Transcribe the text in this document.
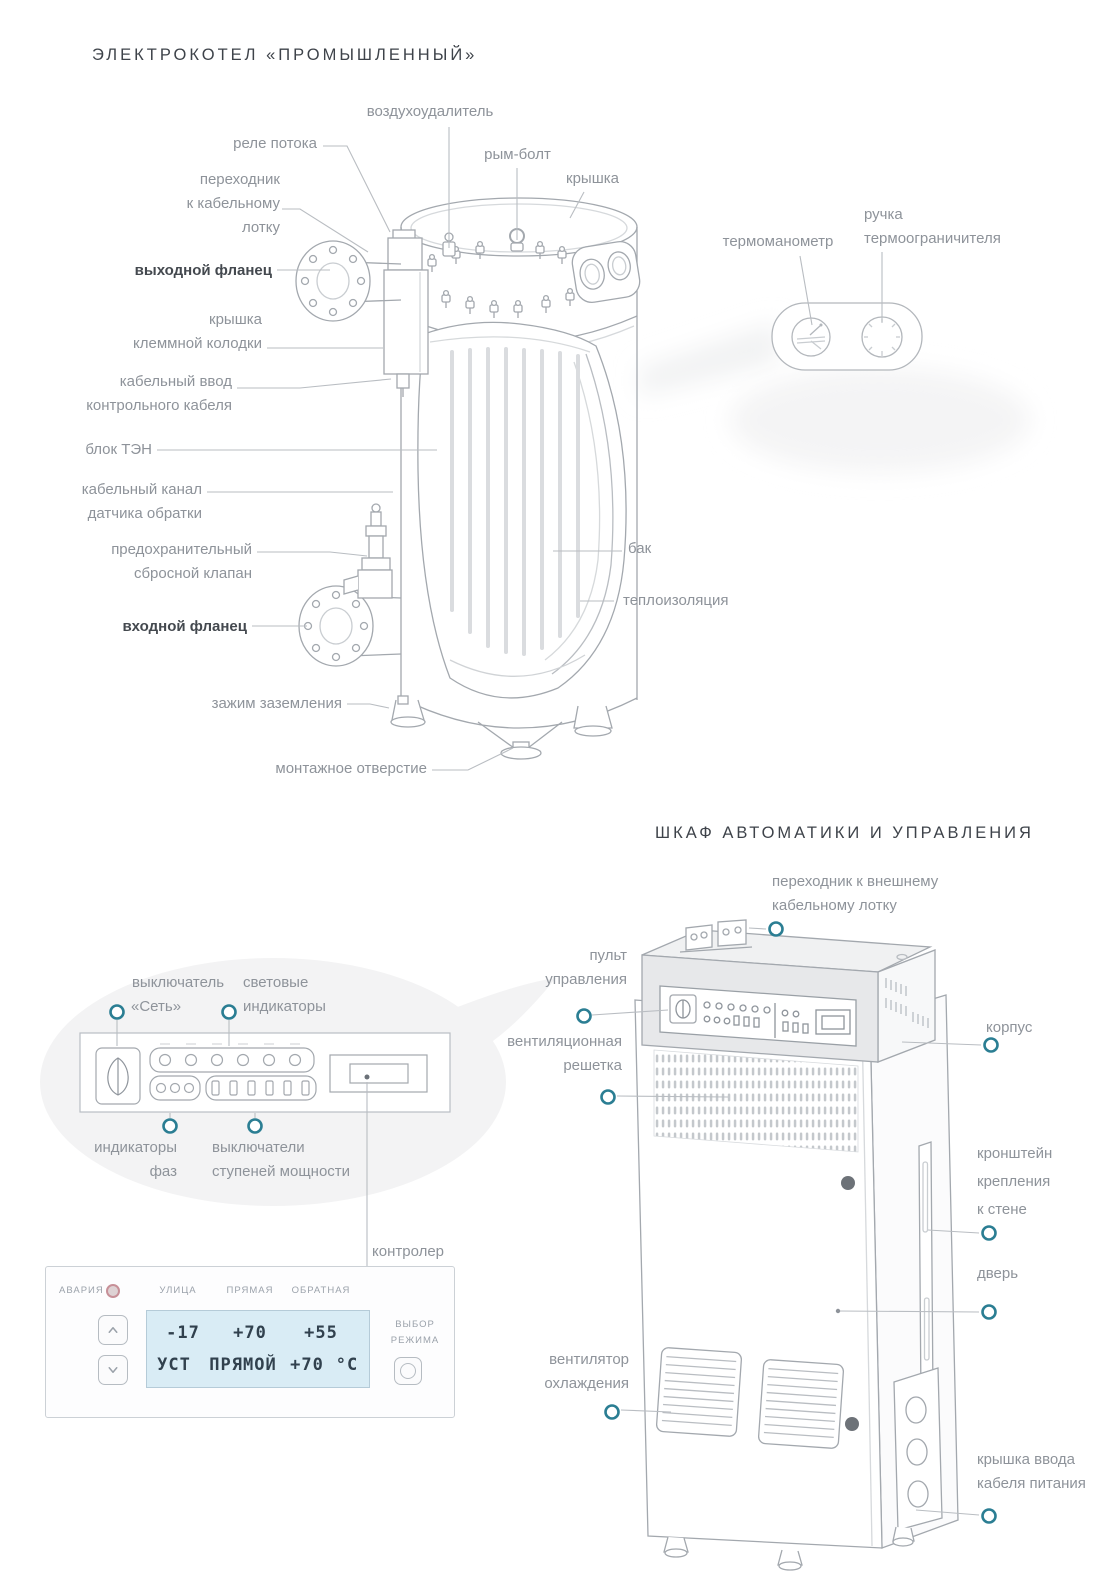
ЭЛЕКТРОКОТЕЛ «ПРОМЫШЛЕННЫЙ»
воздухоудалитель
реле потока
переходник
к кабельному
лотку
рым-болт
крышка
выходной фланец
крышка
клеммной колодки
кабельный ввод
контрольного кабеля
блок ТЭН
кабельный канал
датчика обратки
предохранительный
сбросной клапан
входной фланец
зажим заземления
монтажное отверстие
бак
теплоизоляция
термоманометр
ручка
термоограничителя
ШКАФ АВТОМАТИКИ И УПРАВЛЕНИЯ
переходник к внешнему
кабельному лотку
пульт
управления
корпус
вентиляционная
решетка
кронштейн
крепления
к стене
дверь
вентилятор
охлаждения
крышка ввода
кабеля питания
выключатель
«Сеть»
световые
индикаторы
индикаторы
фаз
выключатели
ступеней мощности
контролер
АВАРИЯ	УЛИЦА	ПРЯМАЯ ОБРАТНАЯ
-17 +70 +55
УСТ ПРЯМОЙ +70 °C
ВЫБОР
РЕЖИМА
